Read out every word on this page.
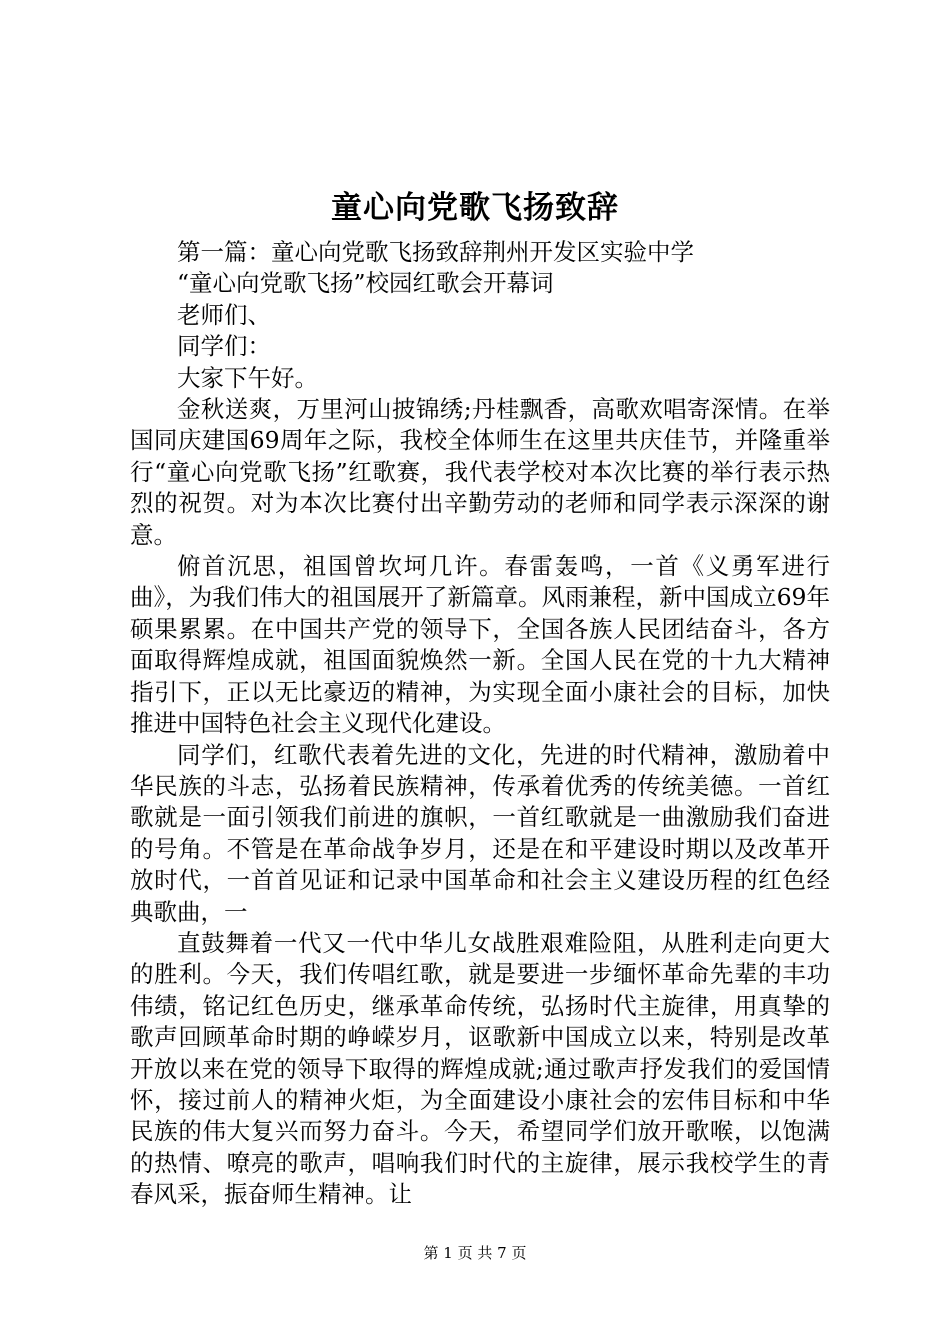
童心向党歌飞扬致辞

第一篇：童心向党歌飞扬致辞荆州开发区实验中学

“童心向党歌飞扬”校园红歌会开幕词

老师们、

同学们：

大家下午好。

金秋送爽，万里河山披锦绣;丹桂飘香，高歌欢唱寄深情。在举国同庆建国69周年之际，我校全体师生在这里共庆佳节，并隆重举行“童心向党歌飞扬”红歌赛，我代表学校对本次比赛的举行表示热烈的祝贺。对为本次比赛付出辛勤劳动的老师和同学表示深深的谢意。

俯首沉思，祖国曾坎坷几许。春雷轰鸣，一首《义勇军进行曲》，为我们伟大的祖国展开了新篇章。风雨兼程，新中国成立69年硕果累累。在中国共产党的领导下，全国各族人民团结奋斗，各方面取得辉煌成就，祖国面貌焕然一新。全国人民在党的十九大精神指引下，正以无比豪迈的精神，为实现全面小康社会的目标，加快推进中国特色社会主义现代化建设。

同学们，红歌代表着先进的文化，先进的时代精神，激励着中华民族的斗志，弘扬着民族精神，传承着优秀的传统美德。一首红歌就是一面引领我们前进的旗帜，一首红歌就是一曲激励我们奋进的号角。不管是在革命战争岁月，还是在和平建设时期以及改革开放时代，一首首见证和记录中国革命和社会主义建设历程的红色经典歌曲，一

直鼓舞着一代又一代中华儿女战胜艰难险阻，从胜利走向更大的胜利。今天，我们传唱红歌，就是要进一步缅怀革命先辈的丰功伟绩，铭记红色历史，继承革命传统，弘扬时代主旋律，用真挚的歌声回顾革命时期的峥嵘岁月，讴歌新中国成立以来，特别是改革开放以来在党的领导下取得的辉煌成就;通过歌声抒发我们的爱国情怀，接过前人的精神火炬，为全面建设小康社会的宏伟目标和中华民族的伟大复兴而努力奋斗。今天，希望同学们放开歌喉，以饱满的热情、嘹亮的歌声，唱响我们时代的主旋律，展示我校学生的青春风采，振奋师生精神。让

第 1 页 共 7 页
